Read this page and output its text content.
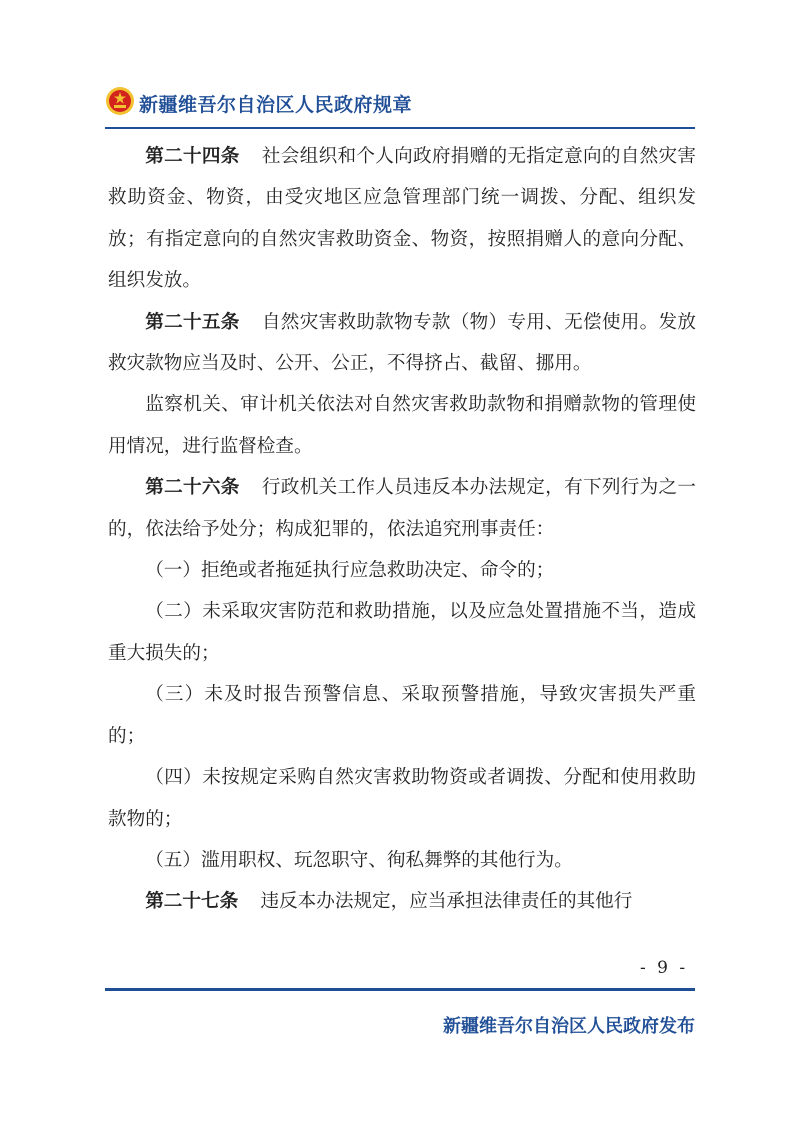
新疆维吾尔自治区人民政府规章

第二十四条 社会组织和个人向政府捐赠的无指定意向的自然灾害救助资金、物资，由受灾地区应急管理部门统一调拨、分配、组织发放；有指定意向的自然灾害救助资金、物资，按照捐赠人的意向分配、组织发放。

第二十五条 自然灾害救助款物专款（物）专用、无偿使用。发放救灾款物应当及时、公开、公正，不得挤占、截留、挪用。

监察机关、审计机关依法对自然灾害救助款物和捐赠款物的管理使用情况，进行监督检查。

第二十六条 行政机关工作人员违反本办法规定，有下列行为之一的，依法给予处分；构成犯罪的，依法追究刑事责任：

（一）拒绝或者拖延执行应急救助决定、命令的；

（二）未采取灾害防范和救助措施，以及应急处置措施不当，造成重大损失的；

（三）未及时报告预警信息、采取预警措施，导致灾害损失严重的；

（四）未按规定采购自然灾害救助物资或者调拨、分配和使用救助款物的；

（五）滥用职权、玩忽职守、徇私舞弊的其他行为。

第二十七条 违反本办法规定，应当承担法律责任的其他行

- 9 -
新疆维吾尔自治区人民政府发布
